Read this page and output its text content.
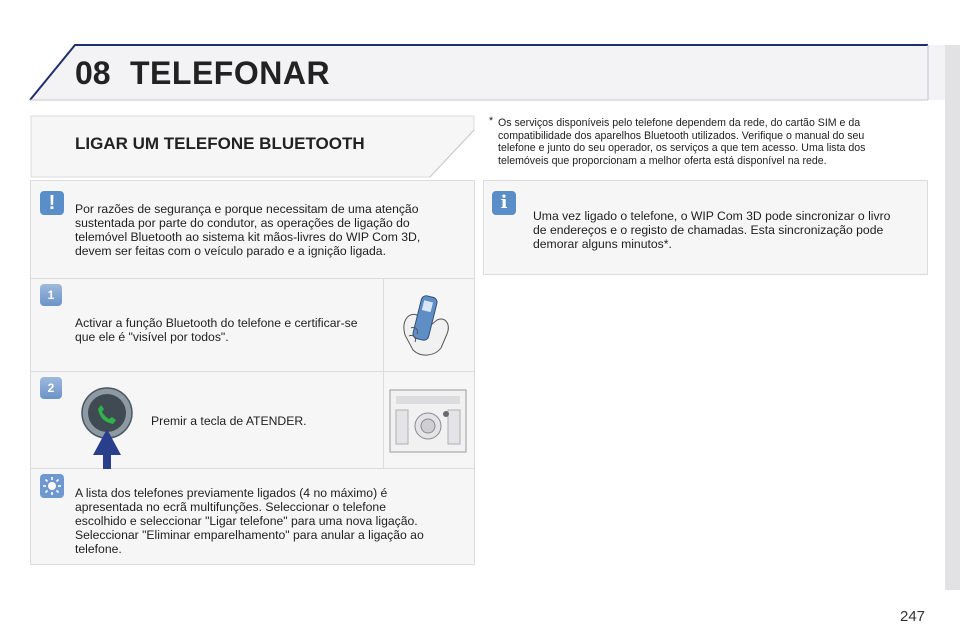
08 TELEFONAR
LIGAR UM TELEFONE BLUETOOTH
!	Por razões de segurança e porque necessitam de uma atenção
sustentada por parte do condutor, as operações de ligação do
telemóvel Bluetooth ao sistema kit mãos-livres do WIP Com 3D,
devem ser feitas com o veículo parado e a ignição ligada.
1
Activar a função Bluetooth do telefone e certificar-se
que ele é "visível por todos".
2
Premir a tecla de ATENDER.
A lista dos telefones previamente ligados (4 no máximo) é
apresentada no ecrã multifunções. Seleccionar o telefone
escolhido e seleccionar "Ligar telefone" para uma nova ligação.
Seleccionar "Eliminar emparelhamento" para anular a ligação ao
telefone.
* Os serviços disponíveis pelo telefone dependem da rede, do cartão SIM e da
compatibilidade dos aparelhos Bluetooth utilizados. Verifique o manual do seu
telefone e junto do seu operador, os serviços a que tem acesso. Uma lista dos
telemóveis que proporcionam a melhor oferta está disponível na rede.
i
Uma vez ligado o telefone, o WIP Com 3D pode sincronizar o livro
de endereços e o registo de chamadas. Esta sincronização pode
demorar alguns minutos*.
247
